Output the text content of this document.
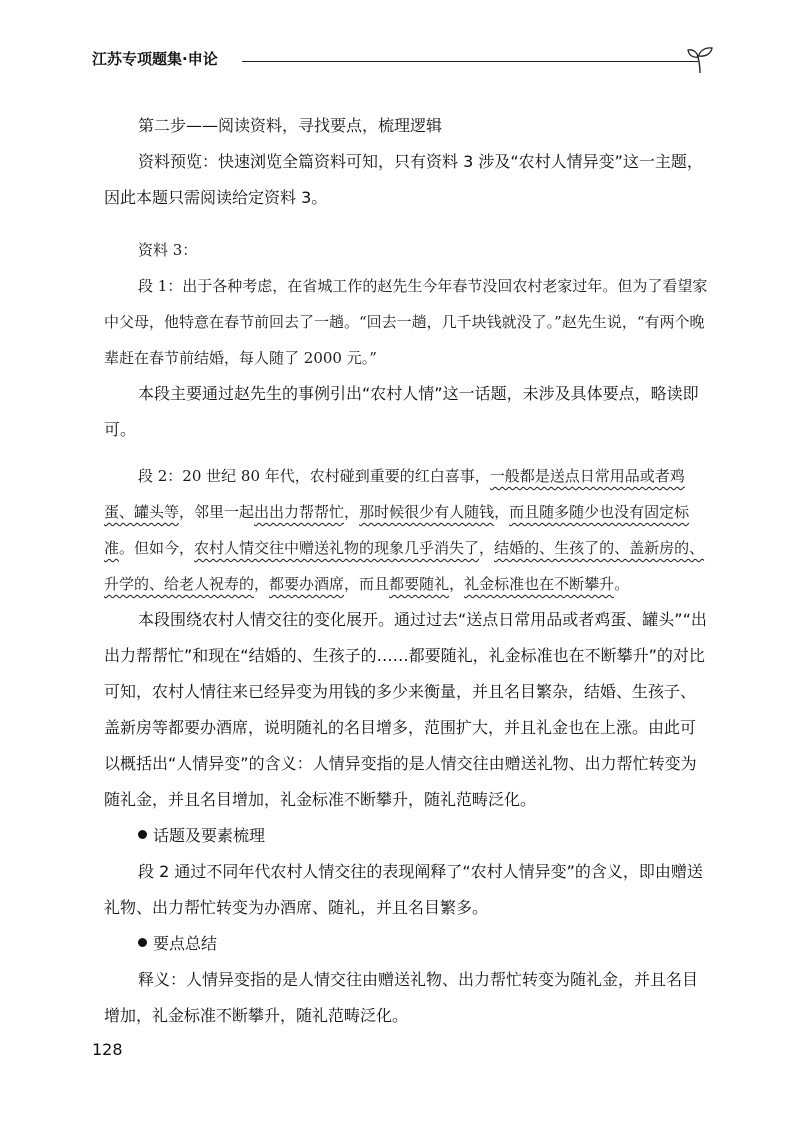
江苏专项题集·申论

第二步——阅读资料，寻找要点，梳理逻辑

资料预览：快速浏览全篇资料可知，只有资料 3 涉及“农村人情异变”这一主题，因此本题只需阅读给定资料 3。

资料 3：

段 1：出于各种考虑，在省城工作的赵先生今年春节没回农村老家过年。但为了看望家中父母，他特意在春节前回去了一趟。“回去一趟，几千块钱就没了。”赵先生说，“有两个晚辈赶在春节前结婚，每人随了 2000 元。”

本段主要通过赵先生的事例引出“农村人情”这一话题，未涉及具体要点，略读即可。

段 2：20 世纪 80 年代，农村碰到重要的红白喜事，一般都是送点日常用品或者鸡蛋、罐头等，邻里一起出出力帮帮忙，那时候很少有人随钱，而且随多随少也没有固定标准。但如今，农村人情交往中赠送礼物的现象几乎消失了，结婚的、生孩了的、盖新房的、升学的、给老人祝寿的，都要办酒席，而且都要随礼，礼金标准也在不断攀升。

本段围绕农村人情交往的变化展开。通过过去“送点日常用品或者鸡蛋、罐头”“出出力帮帮忙”和现在“结婚的、生孩子的……都要随礼，礼金标准也在不断攀升”的对比可知，农村人情往来已经异变为用钱的多少来衡量，并且名目繁杂，结婚、生孩子、盖新房等都要办酒席，说明随礼的名目增多，范围扩大，并且礼金也在上涨。由此可以概括出“人情异变”的含义：人情异变指的是人情交往由赠送礼物、出力帮忙转变为随礼金，并且名目增加，礼金标准不断攀升，随礼范畴泛化。

话题及要素梳理

段 2 通过不同年代农村人情交往的表现阐释了“农村人情异变”的含义，即由赠送礼物、出力帮忙转变为办酒席、随礼，并且名目繁多。

要点总结

释义：人情异变指的是人情交往由赠送礼物、出力帮忙转变为随礼金，并且名目增加，礼金标准不断攀升，随礼范畴泛化。

128
